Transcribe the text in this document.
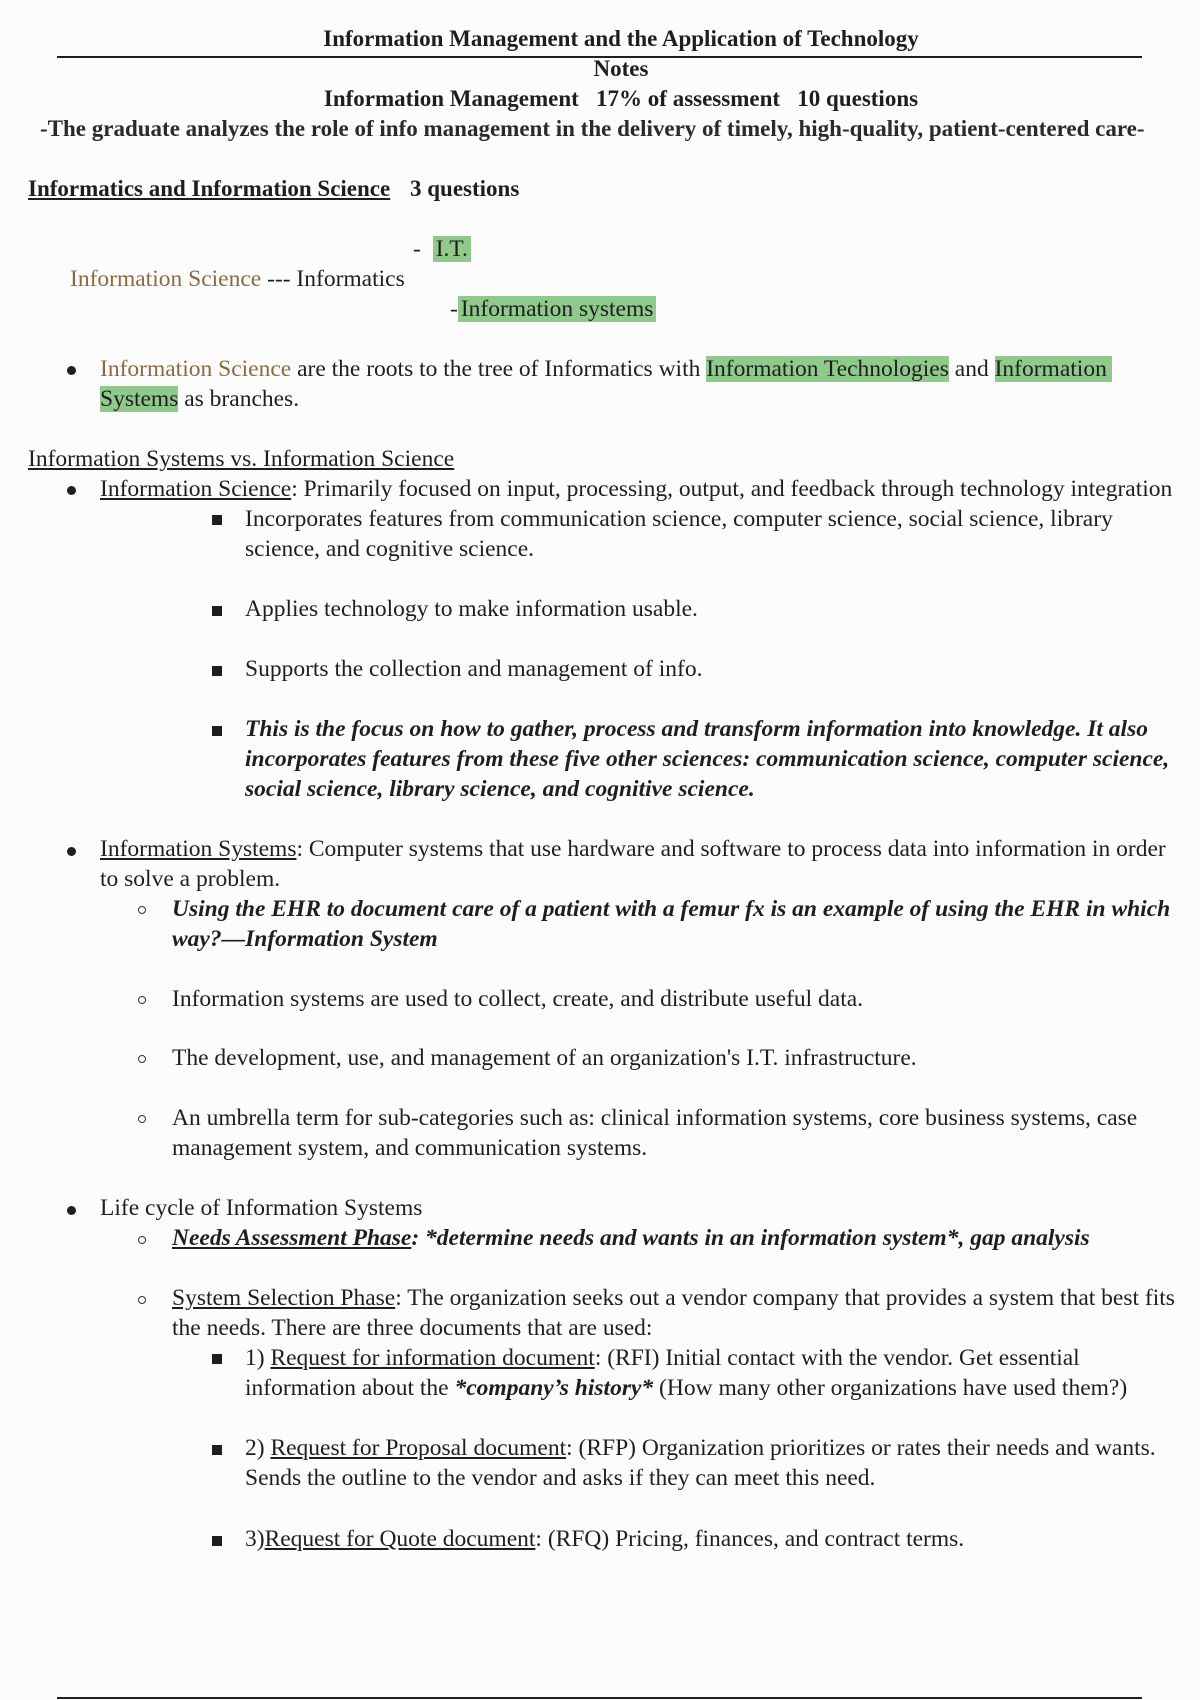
Information Management and the Application of Technology
Notes
Information Management   17% of assessment   10 questions
-The graduate analyzes the role of info management in the delivery of timely, high-quality, patient-centered care-
Informatics and Information Science 3 questions
- I.T.
Information Science --- Informatics
- Information systems
Information Science are the roots to the tree of Informatics with Information Technologies and Information
Systems as branches.
Information Systems vs. Information Science
Information Science: Primarily focused on input, processing, output, and feedback through technology integration
Incorporates features from communication science, computer science, social science, library
science, and cognitive science.
Applies technology to make information usable.
Supports the collection and management of info.
This is the focus on how to gather, process and transform information into knowledge. It also
incorporates features from these five other sciences: communication science, computer science,
social science, library science, and cognitive science.
Information Systems: Computer systems that use hardware and software to process data into information in order
to solve a problem.
Using the EHR to document care of a patient with a femur fx is an example of using the EHR in which
way?—Information System
Information systems are used to collect, create, and distribute useful data.
The development, use, and management of an organization's I.T. infrastructure.
An umbrella term for sub-categories such as: clinical information systems, core business systems, case
management system, and communication systems.
Life cycle of Information Systems
Needs Assessment Phase: *determine needs and wants in an information system*, gap analysis
System Selection Phase: The organization seeks out a vendor company that provides a system that best fits
the needs. There are three documents that are used:
1) Request for information document: (RFI) Initial contact with the vendor. Get essential
information about the *company’s history* (How many other organizations have used them?)
2) Request for Proposal document: (RFP) Organization prioritizes or rates their needs and wants.
Sends the outline to the vendor and asks if they can meet this need.
3)Request for Quote document: (RFQ) Pricing, finances, and contract terms.
